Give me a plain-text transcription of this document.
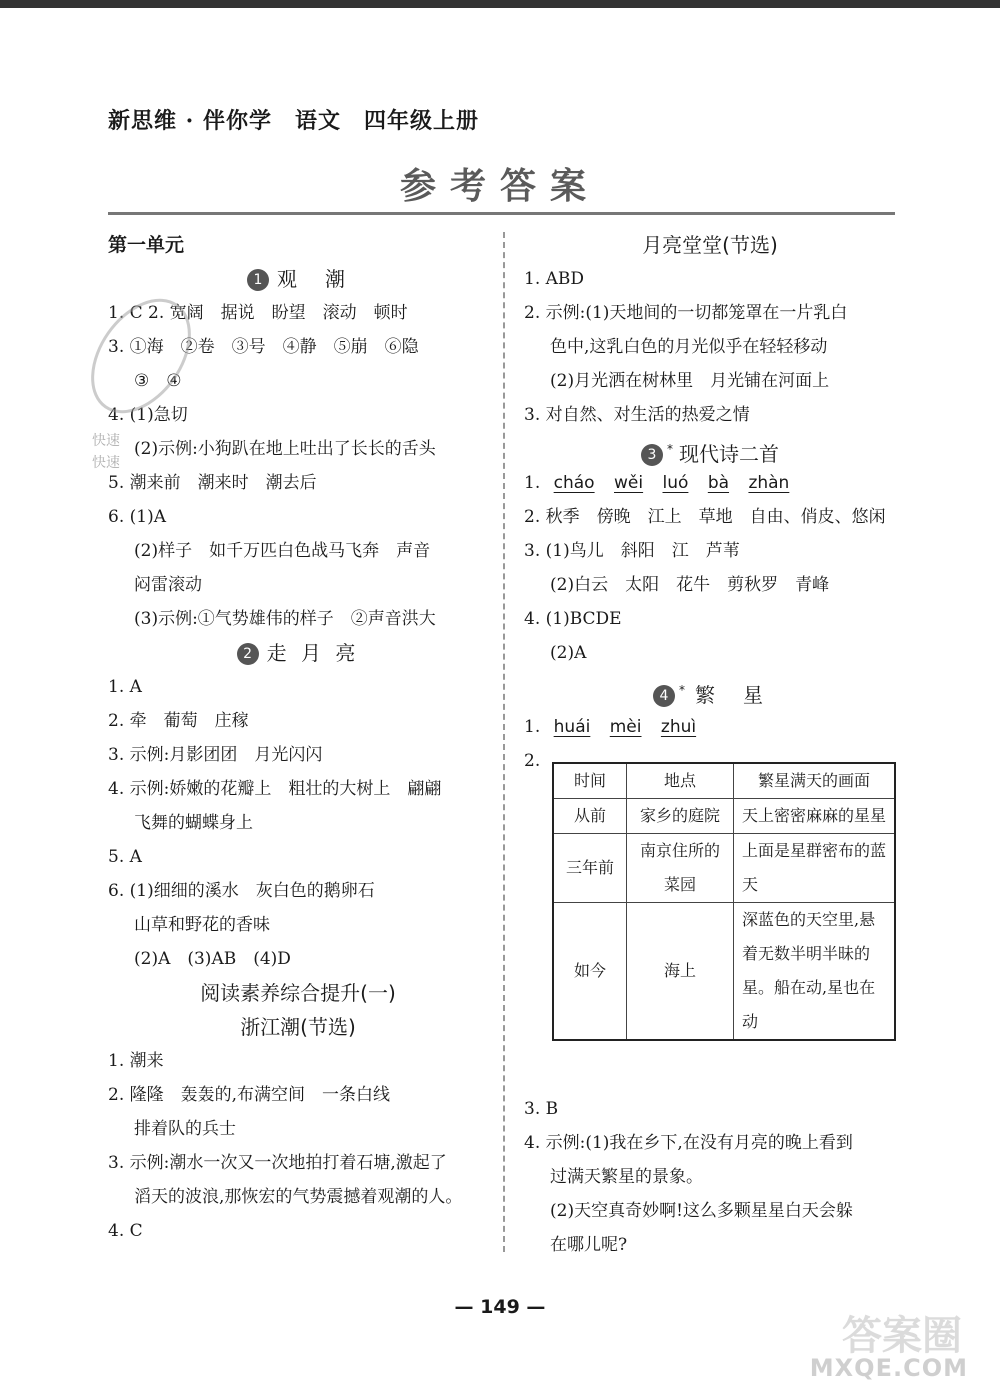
新思维 · 伴你学　语文　四年级上册
参考答案
第一单元
1 观　潮
1. C 2. 宽阔　据说　盼望　滚动　顿时
3. ①海　②卷　③号　④静　⑤崩　⑥隐
③　④
4. (1)急切
(2)示例:小狗趴在地上吐出了长长的舌头
5. 潮来前　潮来时　潮去后
6. (1)A
(2)样子　如千万匹白色战马飞奔　声音
闷雷滚动
(3)示例:①气势雄伟的样子　②声音洪大
2 走 月 亮
1. A
2. 牵　葡萄　庄稼
3. 示例:月影团团　月光闪闪
4. 示例:娇嫩的花瓣上　粗壮的大树上　翩翩
飞舞的蝴蝶身上
5. A
6. (1)细细的溪水　灰白色的鹅卵石
山草和野花的香味
(2)A　(3)AB　(4)D
阅读素养综合提升(一)
浙江潮(节选)
1. 潮来
2. 隆隆　轰轰的,布满空间　一条白线
排着队的兵士
3. 示例:潮水一次又一次地拍打着石塘,激起了
滔天的波浪,那恢宏的气势震撼着观潮的人。
4. C
快速
快速
月亮堂堂(节选)
1. ABD
2. 示例:(1)天地间的一切都笼罩在一片乳白
色中,这乳白色的月光似乎在轻轻移动
(2)月光洒在树林里　月光铺在河面上
3. 对自然、对生活的热爱之情
3 * 现代诗二首
1. cháo wěi luó bà zhàn
2. 秋季　傍晚　江上　草地　自由、俏皮、悠闲
3. (1)鸟儿　斜阳　江　芦苇
(2)白云　太阳　花牛　剪秋罗　青峰
4. (1)BCDE
(2)A
4 * 繁　星
1. huái mèi zhuì
2.
时间	地点	繁星满天的画面
从前	家乡的庭院	天上密密麻麻的星星
三年前	南京住所的菜园	上面是星群密布的蓝天
如今	海上	深蓝色的天空里,悬着无数半明半昧的星。船在动,星也在动
3. B
4. 示例:(1)我在乡下,在没有月亮的晚上看到
过满天繁星的景象。
(2)天空真奇妙啊!这么多颗星星白天会躲
在哪儿呢?
— 149 —
答案圈
MXQE.COM
